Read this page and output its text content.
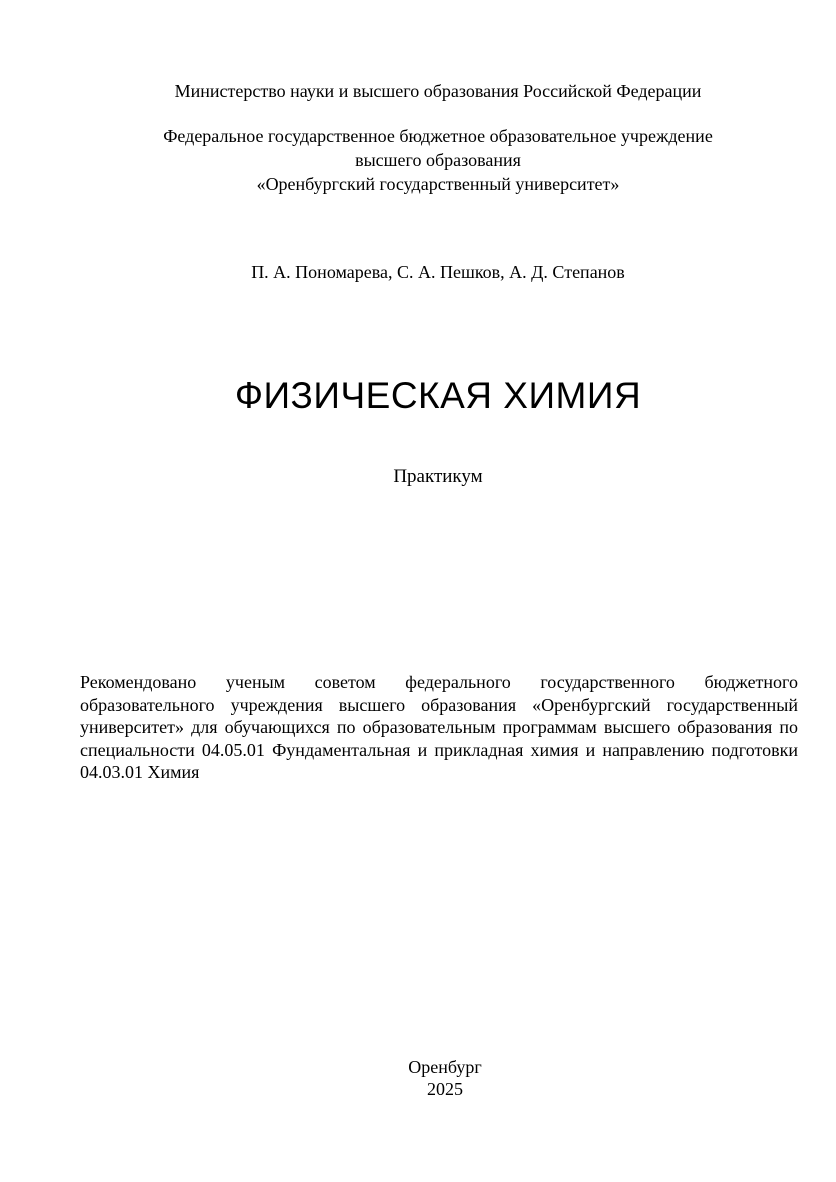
Министерство науки и высшего образования Российской Федерации
Федеральное государственное бюджетное образовательное учреждение
высшего образования
«Оренбургский государственный университет»
П. А. Пономарева, С. А. Пешков, А. Д. Степанов
ФИЗИЧЕСКАЯ ХИМИЯ
Практикум
Рекомендовано ученым советом федерального государственного бюджетного образовательного учреждения высшего образования «Оренбургский государственный университет» для обучающихся по образовательным программам высшего образования по специальности 04.05.01 Фундаментальная и прикладная химия и направлению подготовки 04.03.01 Химия
Оренбург
2025
